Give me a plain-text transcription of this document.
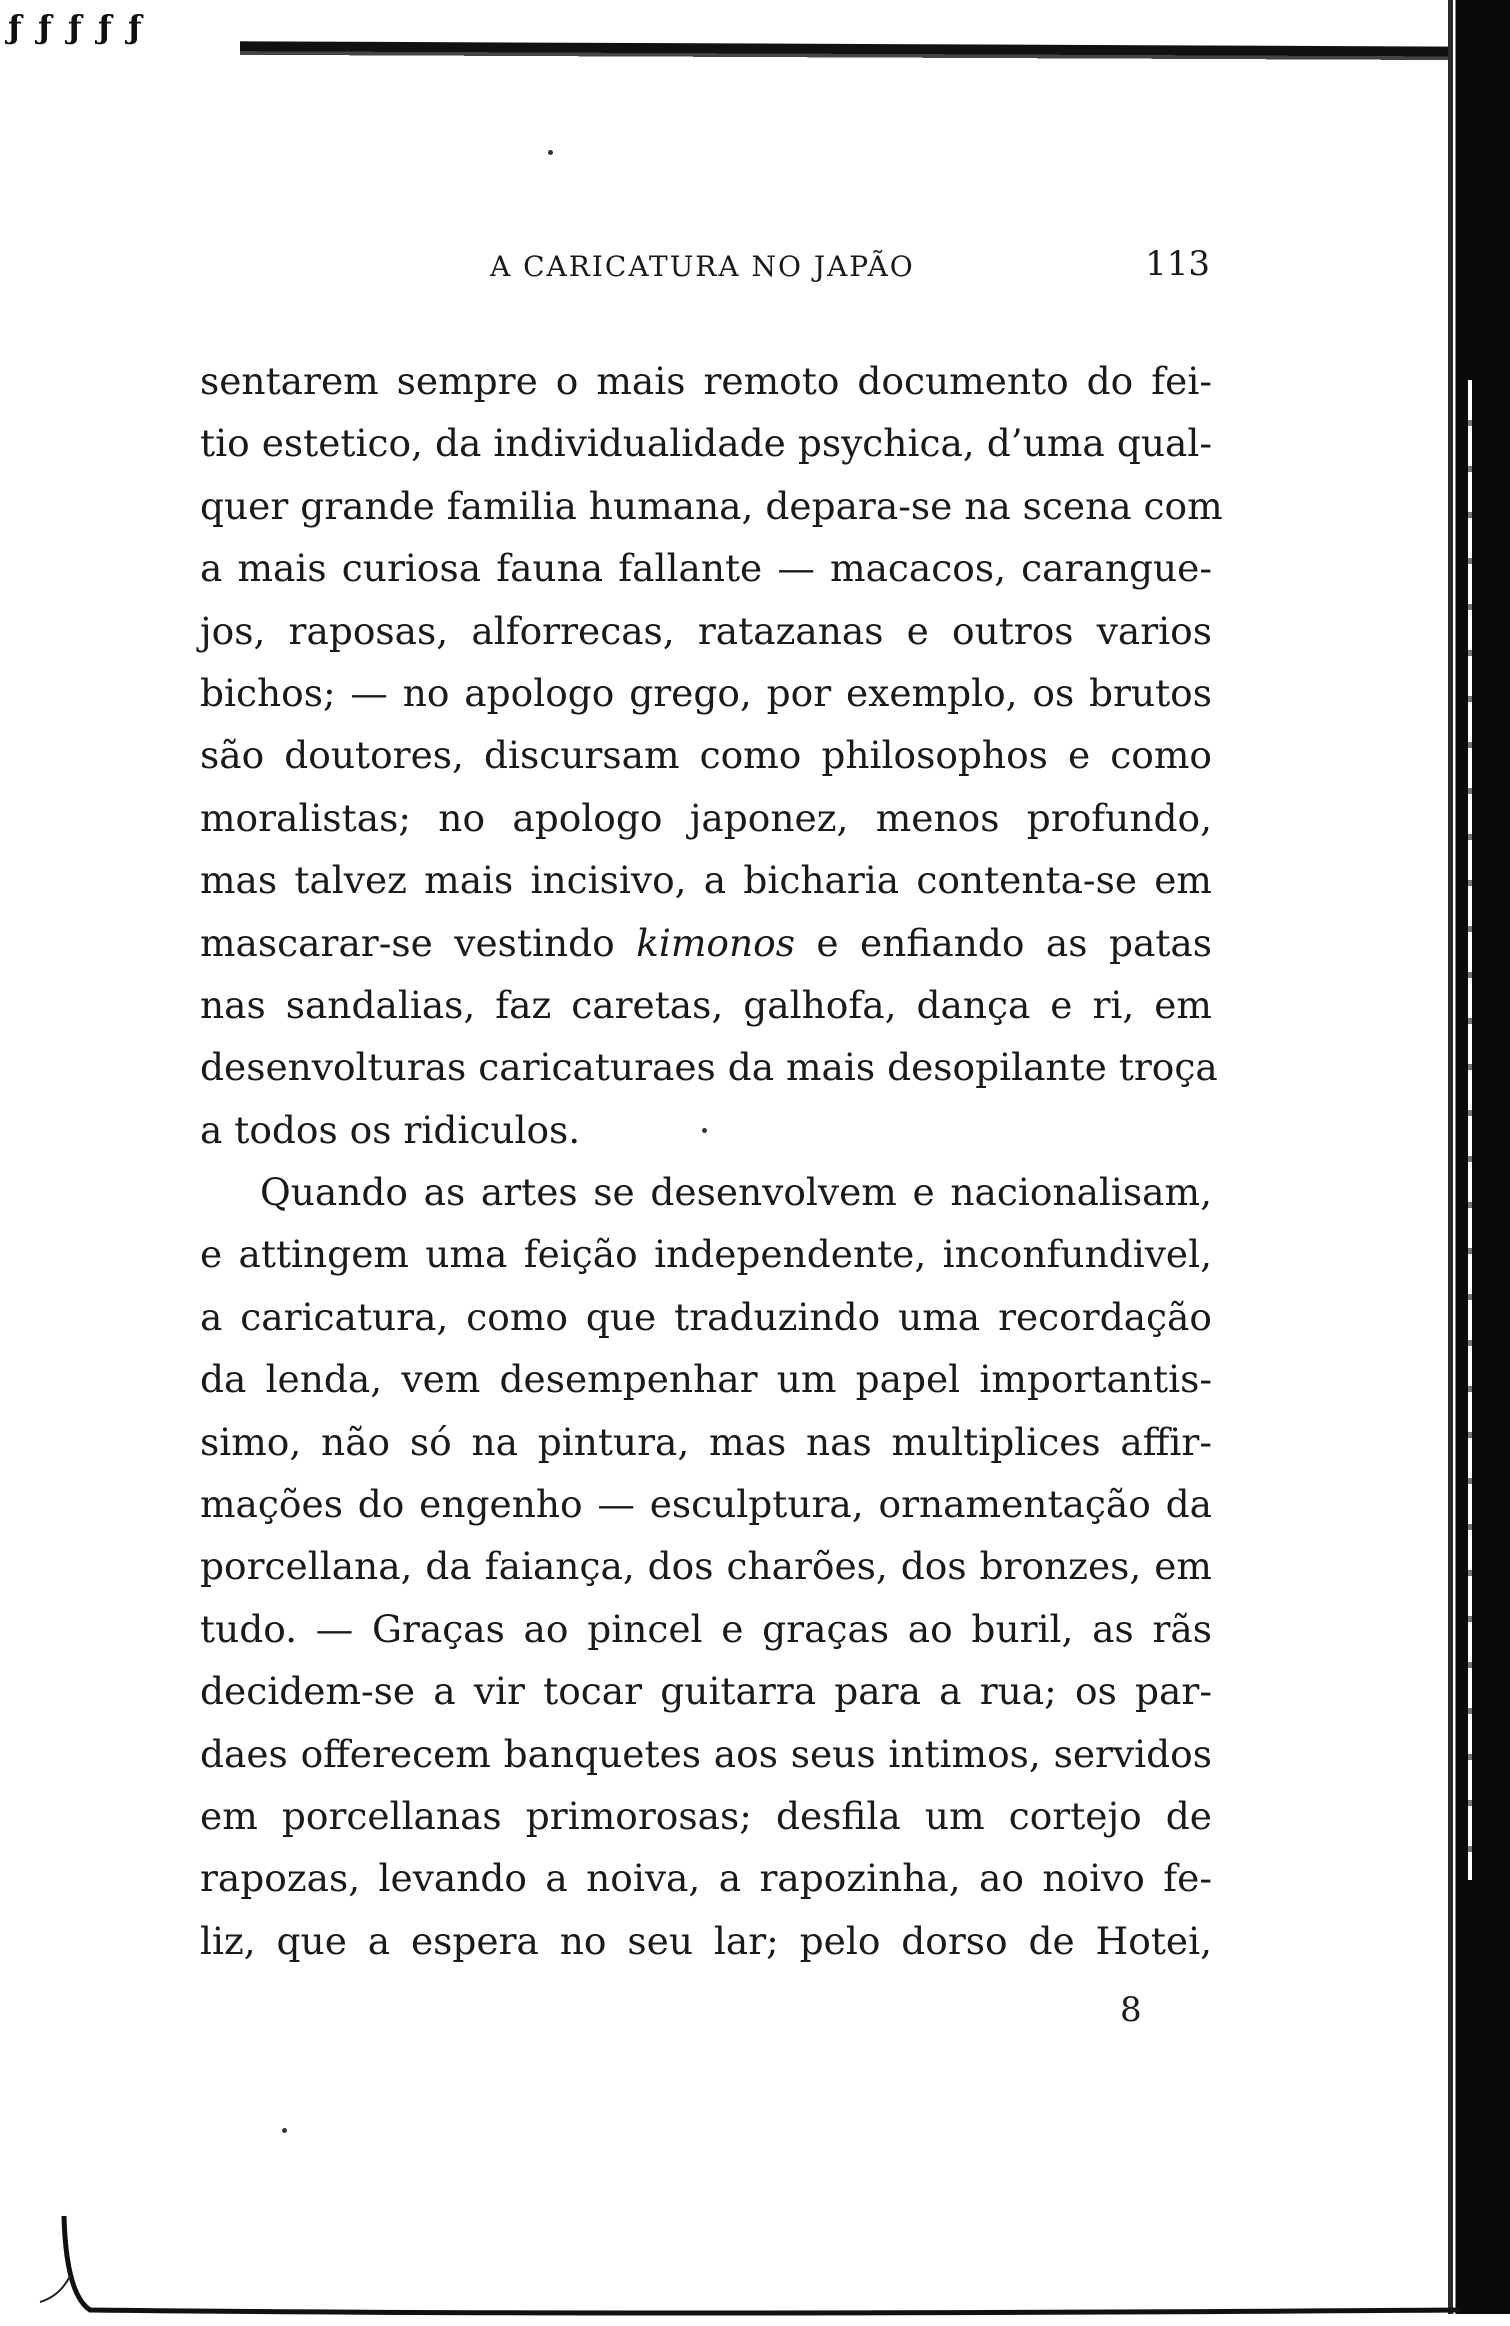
ƒ ƒ ƒ ƒ ƒ
A CARICATURA NO JAPÃO	113
sentarem sempre o mais remoto documento do fei-
tio estetico, da individualidade psychica, d’uma qual-
quer grande familia humana, depara-se na scena com
a mais curiosa fauna fallante — macacos, carangue-
jos, raposas, alforrecas, ratazanas e outros varios
bichos; — no apologo grego, por exemplo, os brutos
são doutores, discursam como philosophos e como
moralistas; no apologo japonez, menos profundo,
mas talvez mais incisivo, a bicharia contenta-se em
mascarar-se vestindo kimonos e enfiando as patas
nas sandalias, faz caretas, galhofa, dança e ri, em
desenvolturas caricaturaes da mais desopilante troça
a todos os ridiculos.
Quando as artes se desenvolvem e nacionalisam,
e attingem uma feição independente, inconfundivel,
a caricatura, como que traduzindo uma recordação
da lenda, vem desempenhar um papel importantis-
simo, não só na pintura, mas nas multiplices affir-
mações do engenho — esculptura, ornamentação da
porcellana, da faiança, dos charões, dos bronzes, em
tudo. — Graças ao pincel e graças ao buril, as rãs
decidem-se a vir tocar guitarra para a rua; os par-
daes offerecem banquetes aos seus intimos, servidos
em porcellanas primorosas; desfila um cortejo de
rapozas, levando a noiva, a rapozinha, ao noivo fe-
liz, que a espera no seu lar; pelo dorso de Hotei,
8
